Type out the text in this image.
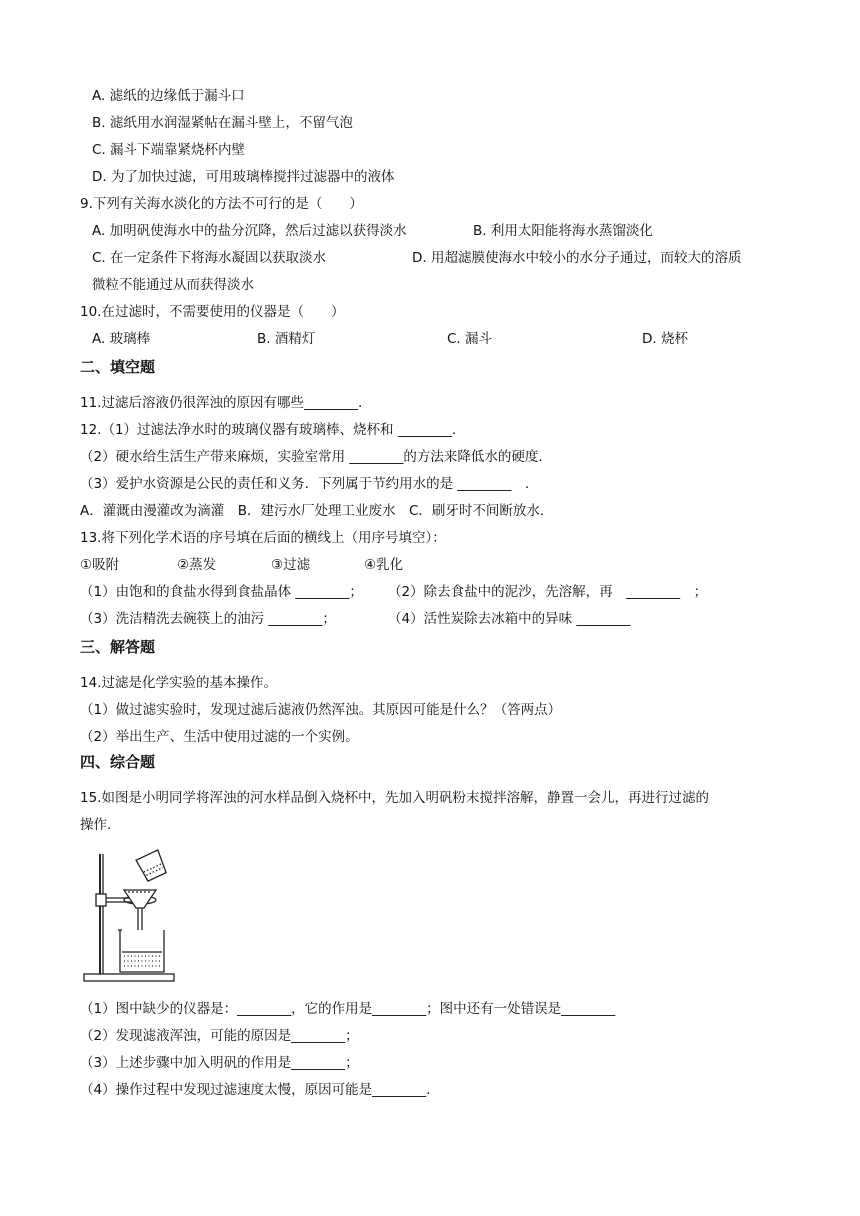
A. 滤纸的边缘低于漏斗口
B. 滤纸用水润湿紧帖在漏斗壁上，不留气泡
C. 漏斗下端靠紧烧杯内壁
D. 为了加快过滤，可用玻璃棒搅拌过滤器中的液体
9.下列有关海水淡化的方法不可行的是（　　）
A. 加明矾使海水中的盐分沉降，然后过滤以获得淡水	B. 利用太阳能将海水蒸馏淡化
C. 在一定条件下将海水凝固以获取淡水	D. 用超滤膜使海水中较小的水分子通过，而较大的溶质
微粒不能通过从而获得淡水
10.在过滤时，不需要使用的仪器是（　　）
A. 玻璃棒	B. 酒精灯	C. 漏斗	D. 烧杯
二、填空题
11.过滤后溶液仍很浑浊的原因有哪些________.
12.（1）过滤法净水时的玻璃仪器有玻璃棒、烧杯和 ________.
（2）硬水给生活生产带来麻烦，实验室常用 ________的方法来降低水的硬度.
（3）爱护水资源是公民的责任和义务．下列属于节约用水的是 ________　.
A．灌溉由漫灌改为滴灌　B．建污水厂处理工业废水　C．刷牙时不间断放水.
13.将下列化学术语的序号填在后面的横线上（用序号填空）：
①吸附	②蒸发	③过滤	④乳化
（1）由饱和的食盐水得到食盐晶体 ________； （2）除去食盐中的泥沙，先溶解，再　________　；
（3）洗洁精洗去碗筷上的油污 ________；	（4）活性炭除去冰箱中的异味 ________
三、解答题
14.过滤是化学实验的基本操作。
（1）做过滤实验时，发现过滤后滤液仍然浑浊。其原因可能是什么？（答两点）
（2）举出生产、生活中使用过滤的一个实例。
四、综合题
15.如图是小明同学将浑浊的河水样品倒入烧杯中，先加入明矾粉末搅拌溶解，静置一会儿，再进行过滤的
操作.
（1）图中缺少的仪器是：________，它的作用是________；图中还有一处错误是________
（2）发现滤液浑浊，可能的原因是________；
（3）上述步骤中加入明矾的作用是________；
（4）操作过程中发现过滤速度太慢，原因可能是________.
